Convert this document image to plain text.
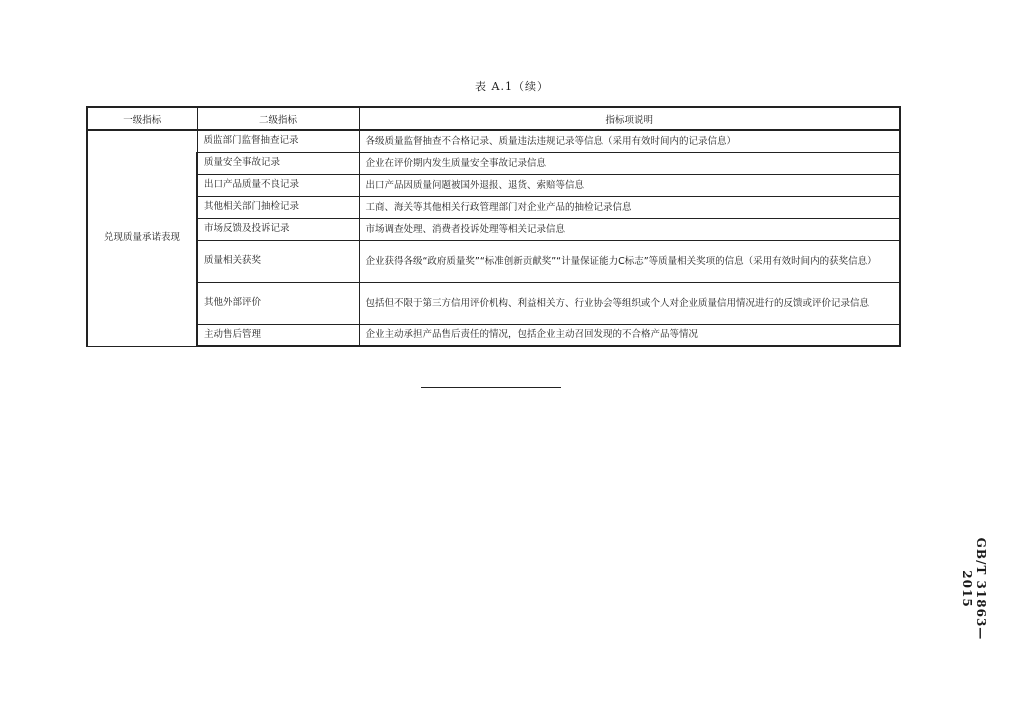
表 A.1（续）
一级指标	二级指标	指标项说明
兑现质量承诺表现	质监部门监督抽查记录	各级质量监督抽查不合格记录、质量违法违规记录等信息（采用有效时间内的记录信息）
	质量安全事故记录	企业在评价期内发生质量安全事故记录信息
	出口产品质量不良记录	出口产品因质量问题被国外退报、退货、索赔等信息
	其他相关部门抽检记录	工商、海关等其他相关行政管理部门对企业产品的抽检记录信息
	市场反馈及投诉记录	市场调查处理、消费者投诉处理等相关记录信息
	质量相关获奖	企业获得各级“政府质量奖”“标准创新贡献奖”“计量保证能力C标志”等质量相关奖项的信息（采用有效时间内的获奖信息）
	其他外部评价	包括但不限于第三方信用评价机构、利益相关方、行业协会等组织或个人对企业质量信用情况进行的反馈或评价记录信息
	主动售后管理	企业主动承担产品售后责任的情况，包括企业主动召回发现的不合格产品等情况
GB/T 31863—2015
